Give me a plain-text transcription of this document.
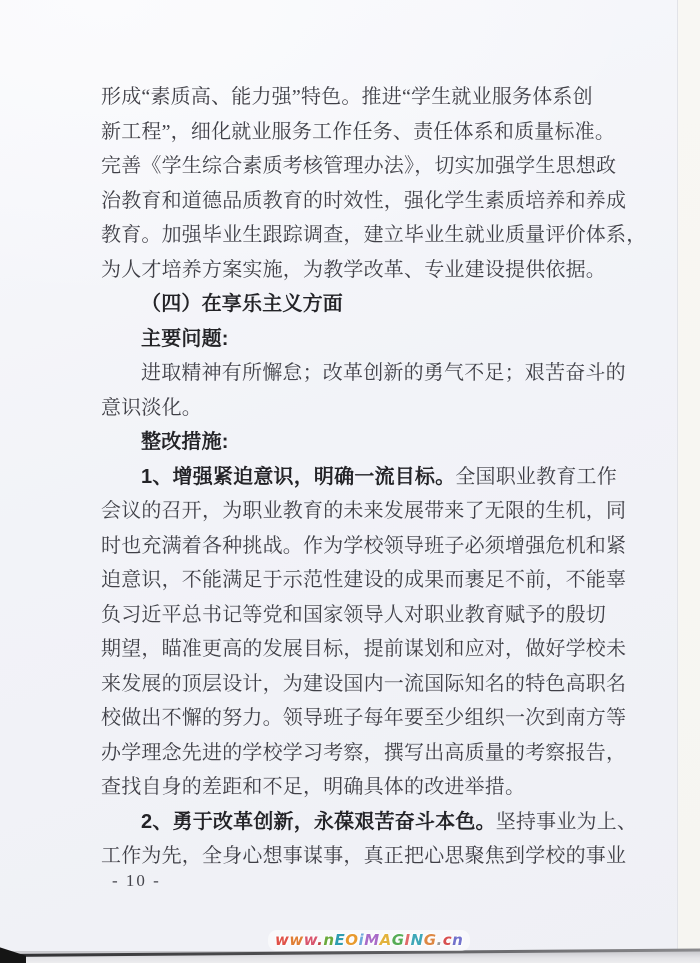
形成“素质高、能力强”特色。推进“学生就业服务体系创
新工程”，细化就业服务工作任务、责任体系和质量标准。
完善《学生综合素质考核管理办法》，切实加强学生思想政
治教育和道德品质教育的时效性，强化学生素质培养和养成
教育。加强毕业生跟踪调查，建立毕业生就业质量评价体系，
为人才培养方案实施，为教学改革、专业建设提供依据。
（四）在享乐主义方面
主要问题:
进取精神有所懈怠；改革创新的勇气不足；艰苦奋斗的
意识淡化。
整改措施:
1、增强紧迫意识，明确一流目标。全国职业教育工作
会议的召开，为职业教育的未来发展带来了无限的生机，同
时也充满着各种挑战。作为学校领导班子必须增强危机和紧
迫意识，不能满足于示范性建设的成果而裹足不前，不能辜
负习近平总书记等党和国家领导人对职业教育赋予的殷切
期望，瞄准更高的发展目标，提前谋划和应对，做好学校未
来发展的顶层设计，为建设国内一流国际知名的特色高职名
校做出不懈的努力。领导班子每年要至少组织一次到南方等
办学理念先进的学校学习考察，撰写出高质量的考察报告，
查找自身的差距和不足，明确具体的改进举措。
2、勇于改革创新，永葆艰苦奋斗本色。坚持事业为上、
工作为先，全身心想事谋事，真正把心思聚焦到学校的事业
- 10 -
www.nEOiMAGING.cn
